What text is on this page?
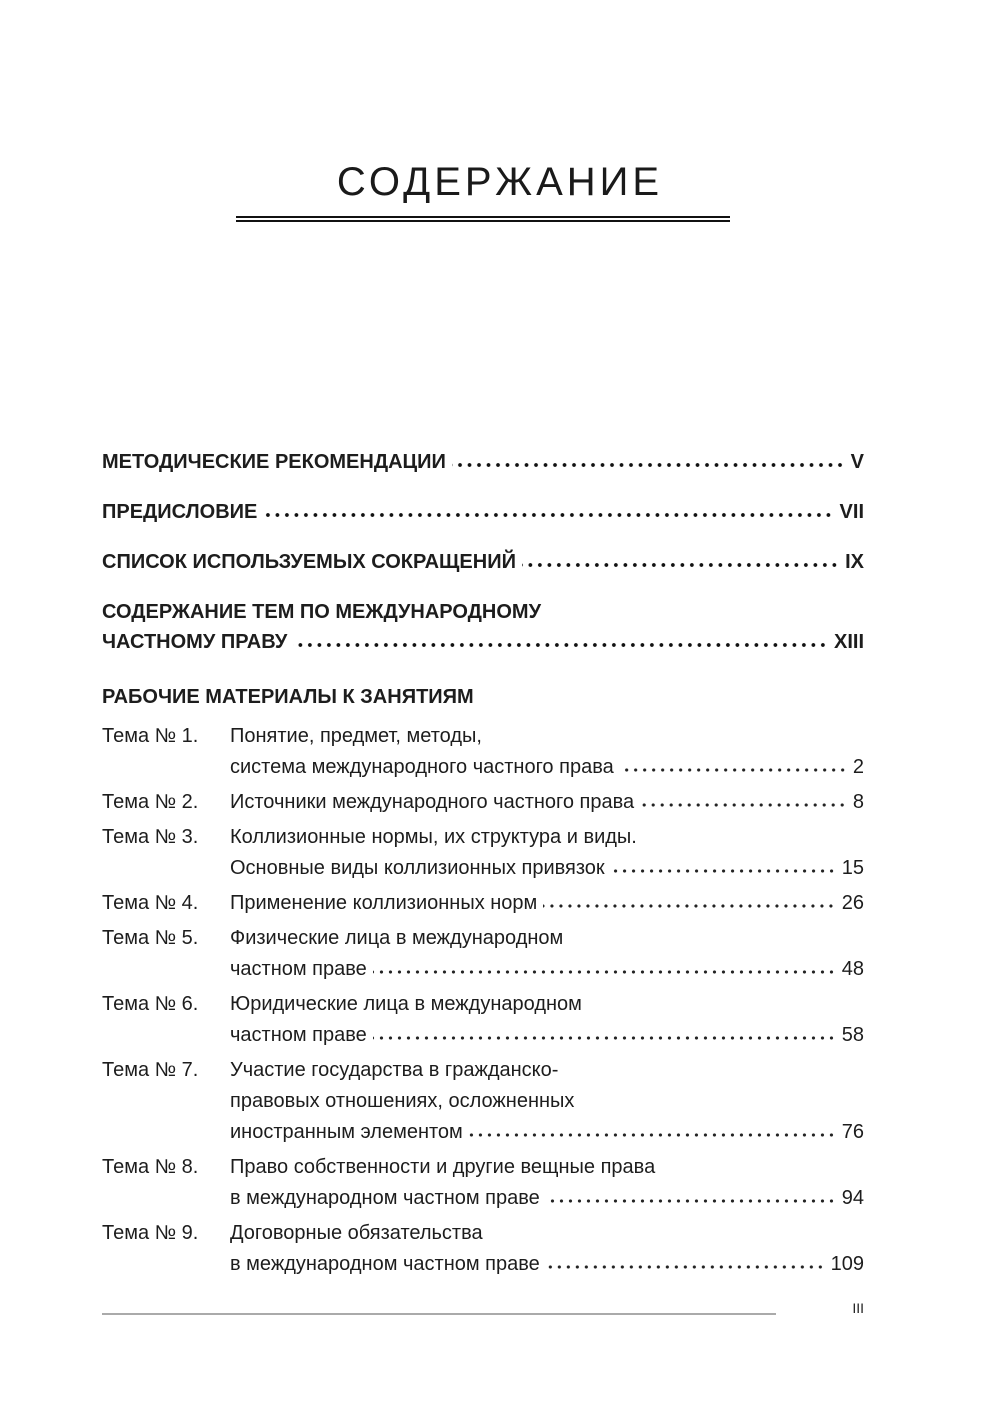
СОДЕРЖАНИЕ
МЕТОДИЧЕСКИЕ РЕКОМЕНДАЦИИ	V
ПРЕДИСЛОВИЕ	VII
СПИСОК ИСПОЛЬЗУЕМЫХ СОКРАЩЕНИЙ	IX
СОДЕРЖАНИЕ ТЕМ ПО МЕЖДУНАРОДНОМУ
ЧАСТНОМУ ПРАВУ	XIII
РАБОЧИЕ МАТЕРИАЛЫ К ЗАНЯТИЯМ
Тема № 1.	Понятие, предмет, методы,
система международного частного права	2
Тема № 2.	Источники международного частного права	8
Тема № 3.	Коллизионные нормы, их структура и виды.
Основные виды коллизионных привязок	15
Тема № 4.	Применение коллизионных норм	26
Тема № 5.	Физические лица в международном
частном праве	48
Тема № 6.	Юридические лица в международном
частном праве	58
Тема № 7.	Участие государства в гражданско-
правовых отношениях, осложненных
иностранным элементом	76
Тема № 8.	Право собственности и другие вещные права
в международном частном праве	94
Тема № 9.	Договорные обязательства
в международном частном праве	109
III
